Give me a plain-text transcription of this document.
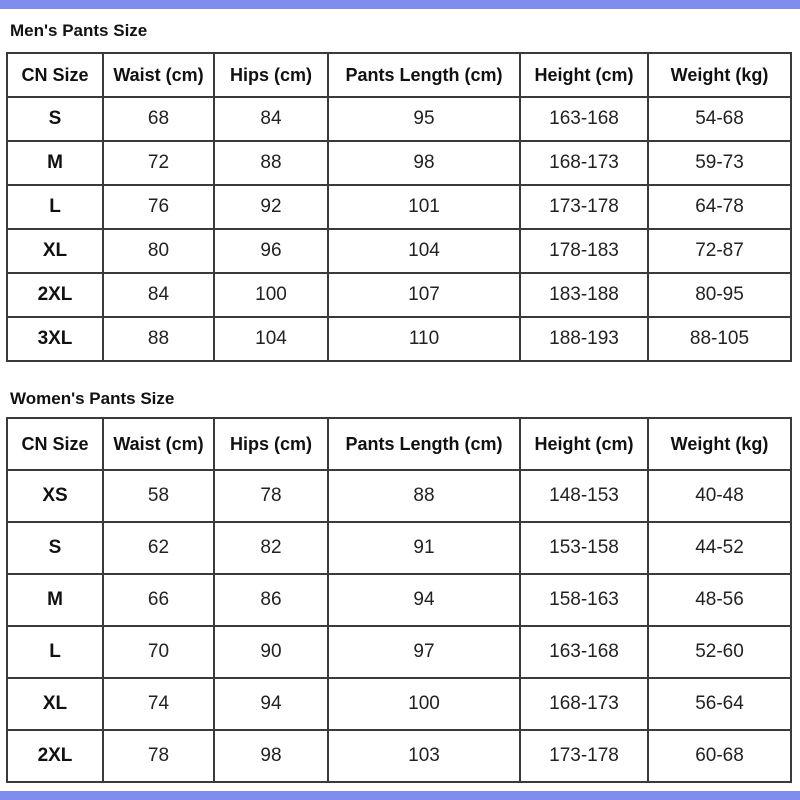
Men's Pants Size
CN Size	Waist (cm)	Hips (cm)	Pants Length (cm)	Height (cm)	Weight (kg)
S	68	84	95	163-168	54-68
M	72	88	98	168-173	59-73
L	76	92	101	173-178	64-78
XL	80	96	104	178-183	72-87
2XL	84	100	107	183-188	80-95
3XL	88	104	110	188-193	88-105
Women's Pants Size
CN Size	Waist (cm)	Hips (cm)	Pants Length (cm)	Height (cm)	Weight (kg)
XS	58	78	88	148-153	40-48
S	62	82	91	153-158	44-52
M	66	86	94	158-163	48-56
L	70	90	97	163-168	52-60
XL	74	94	100	168-173	56-64
2XL	78	98	103	173-178	60-68
